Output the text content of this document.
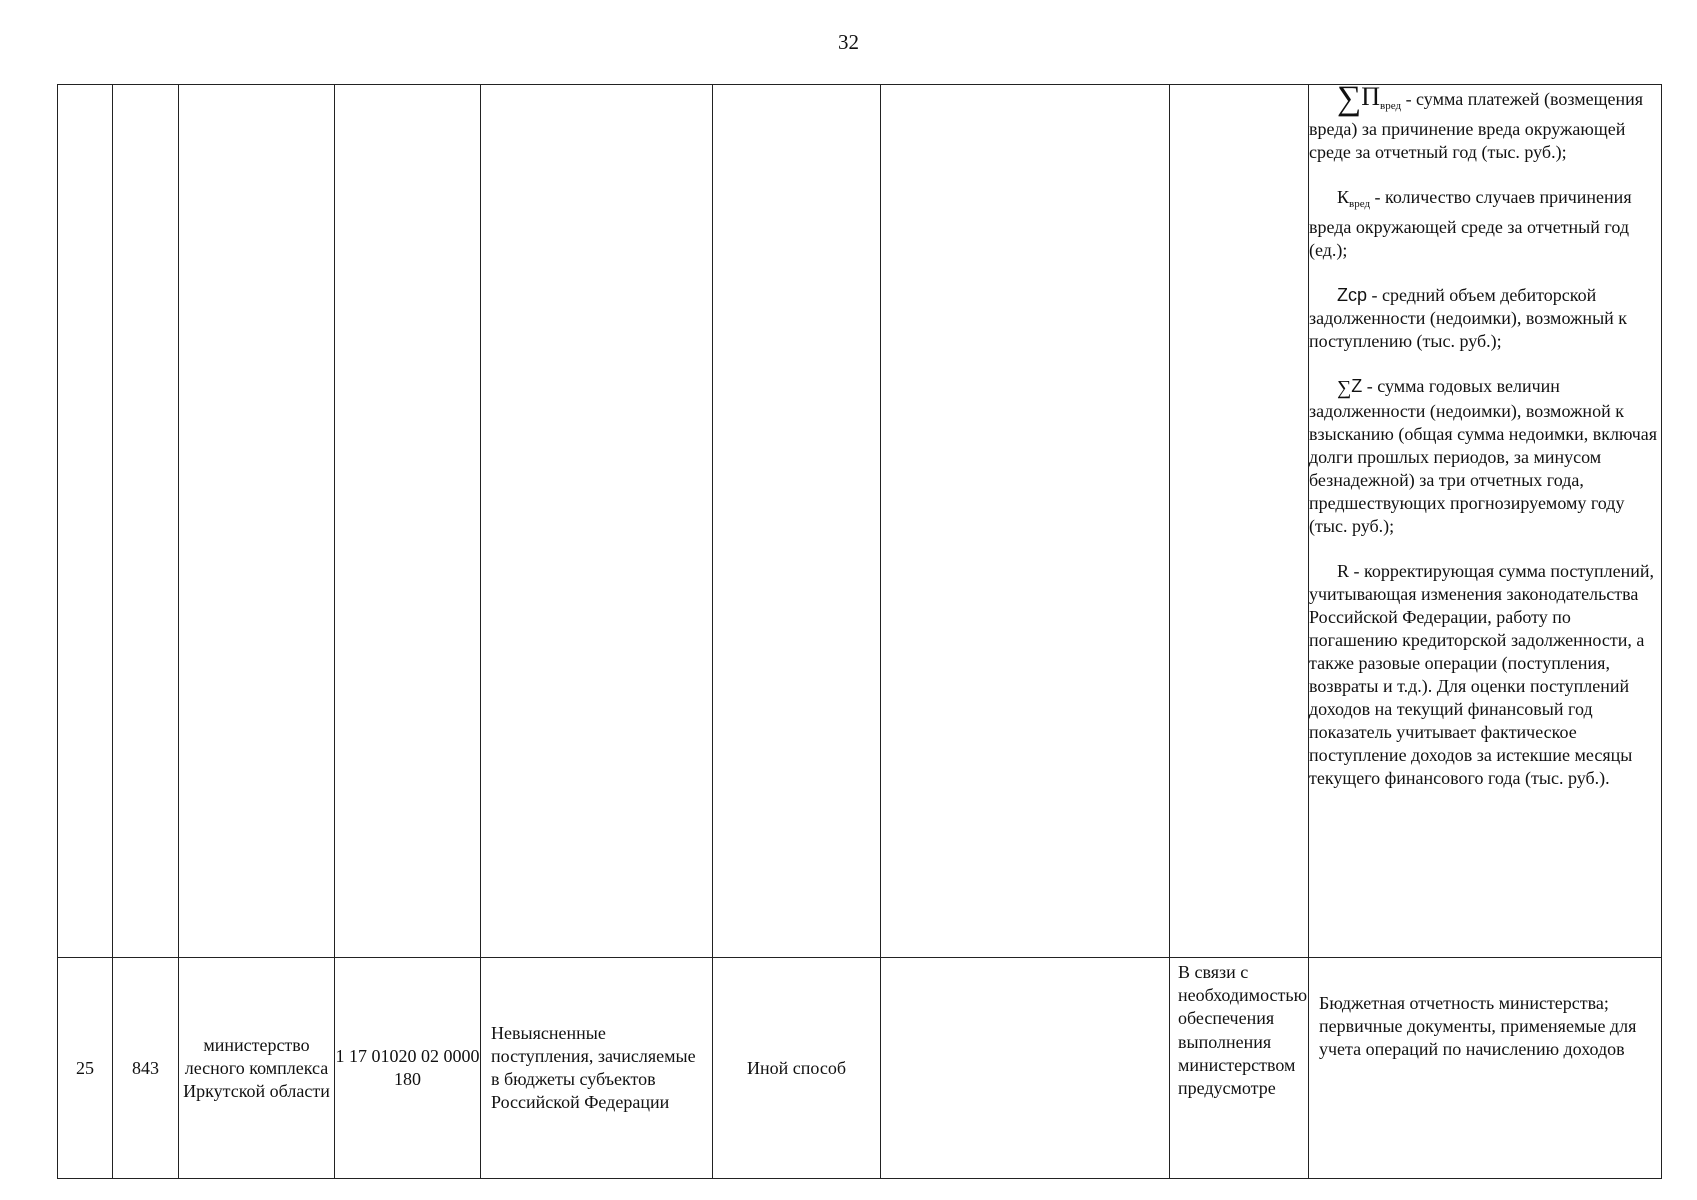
32

								$\sum П_{вред}$ - сумма платежей (возмещения вреда) за причинение вреда окружающей среде за отчетный год (тыс. руб.);
$К_{вред}$ - количество случаев причинения вреда окружающей среде за отчетный год (ед.);
Zср - средний объем дебиторской задолженности (недоимки), возможный к поступлению (тыс. руб.);
∑Z - сумма годовых величин задолженности (недоимки), возможной к взысканию (общая сумма недоимки, включая долги прошлых периодов, за минусом безнадежной) за три отчетных года, предшествующих прогнозируемому году (тыс. руб.);
R - корректирующая сумма поступлений, учитывающая изменения законодательства Российской Федерации, работу по погашению кредиторской задолженности, а также разовые операции (поступления, возвраты и т.д.). Для оценки поступлений доходов на текущий финансовый год показатель учитывает фактическое поступление доходов за истекшие месяцы текущего финансового года (тыс. руб.).

25	843	министерство лесного комплекса Иркутской области	1 17 01020 02 0000 180	Невыясненные поступления, зачисляемые в бюджеты субъектов Российской Федерации	Иной способ		В связи с необходимостью обеспечения выполнения министерством предусмотре	Бюджетная отчетность министерства; первичные документы, применяемые для учета операций по начислению доходов
